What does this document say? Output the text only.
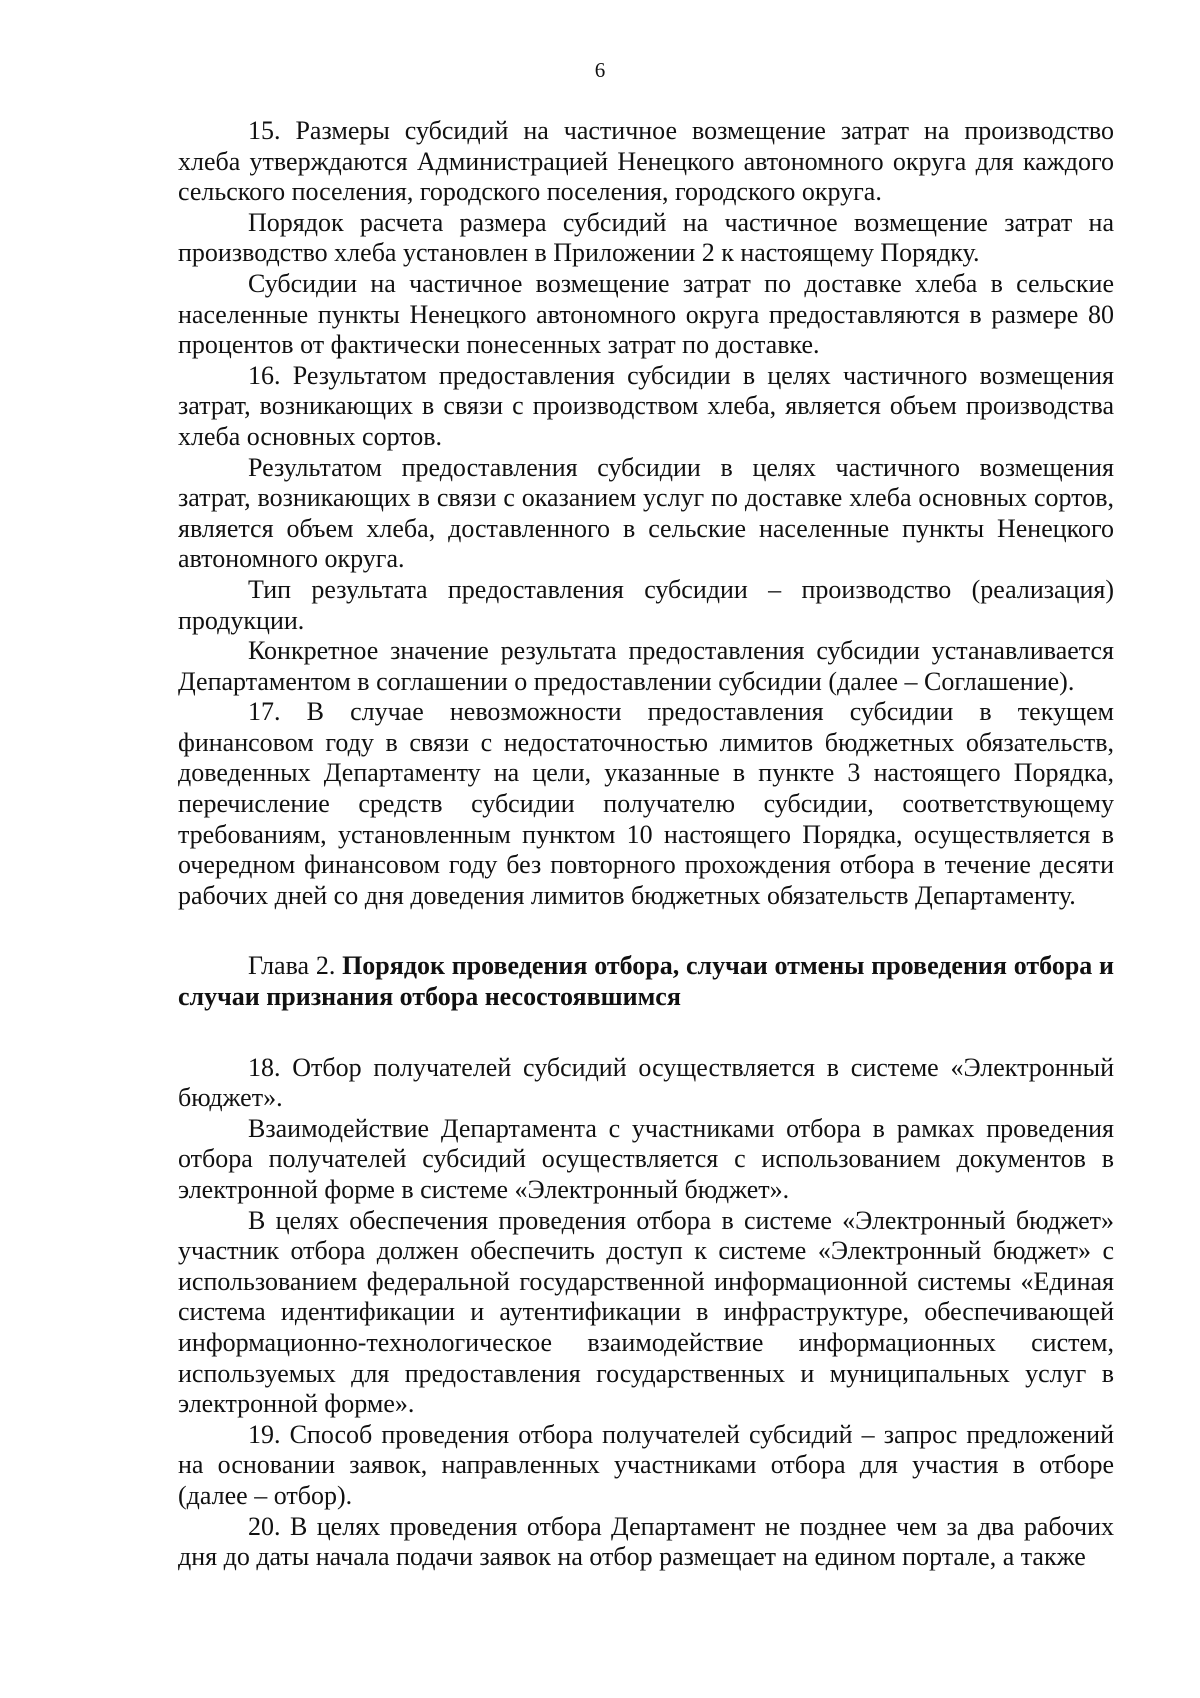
6

15. Размеры субсидий на частичное возмещение затрат на производство хлеба утверждаются Администрацией Ненецкого автономного округа для каждого сельского поселения, городского поселения, городского округа.

Порядок расчета размера субсидий на частичное возмещение затрат на производство хлеба установлен в Приложении 2 к настоящему Порядку.

Субсидии на частичное возмещение затрат по доставке хлеба в сельские населенные пункты Ненецкого автономного округа предоставляются в размере 80 процентов от фактически понесенных затрат по доставке.

16. Результатом предоставления субсидии в целях частичного возмещения затрат, возникающих в связи с производством хлеба, является объем производства хлеба основных сортов.

Результатом предоставления субсидии в целях частичного возмещения затрат, возникающих в связи с оказанием услуг по доставке хлеба основных сортов, является объем хлеба, доставленного в сельские населенные пункты Ненецкого автономного округа.

Тип результата предоставления субсидии – производство (реализация) продукции.

Конкретное значение результата предоставления субсидии устанавливается Департаментом в соглашении о предоставлении субсидии (далее – Соглашение).

17. В случае невозможности предоставления субсидии в текущем финансовом году в связи с недостаточностью лимитов бюджетных обязательств, доведенных Департаменту на цели, указанные в пункте 3 настоящего Порядка, перечисление средств субсидии получателю субсидии, соответствующему требованиям, установленным пунктом 10 настоящего Порядка, осуществляется в очередном финансовом году без повторного прохождения отбора в течение десяти рабочих дней со дня доведения лимитов бюджетных обязательств Департаменту.

Глава 2. Порядок проведения отбора, случаи отмены проведения отбора и случаи признания отбора несостоявшимся

18. Отбор получателей субсидий осуществляется в системе «Электронный бюджет».

Взаимодействие Департамента с участниками отбора в рамках проведения отбора получателей субсидий осуществляется с использованием документов в электронной форме в системе «Электронный бюджет».

В целях обеспечения проведения отбора в системе «Электронный бюджет» участник отбора должен обеспечить доступ к системе «Электронный бюджет» с использованием федеральной государственной информационной системы «Единая система идентификации и аутентификации в инфраструктуре, обеспечивающей информационно-технологическое взаимодействие информационных систем, используемых для предоставления государственных и муниципальных услуг в электронной форме».

19. Способ проведения отбора получателей субсидий – запрос предложений на основании заявок, направленных участниками отбора для участия в отборе (далее – отбор).

20. В целях проведения отбора Департамент не позднее чем за два рабочих дня до даты начала подачи заявок на отбор размещает на едином портале, а также
